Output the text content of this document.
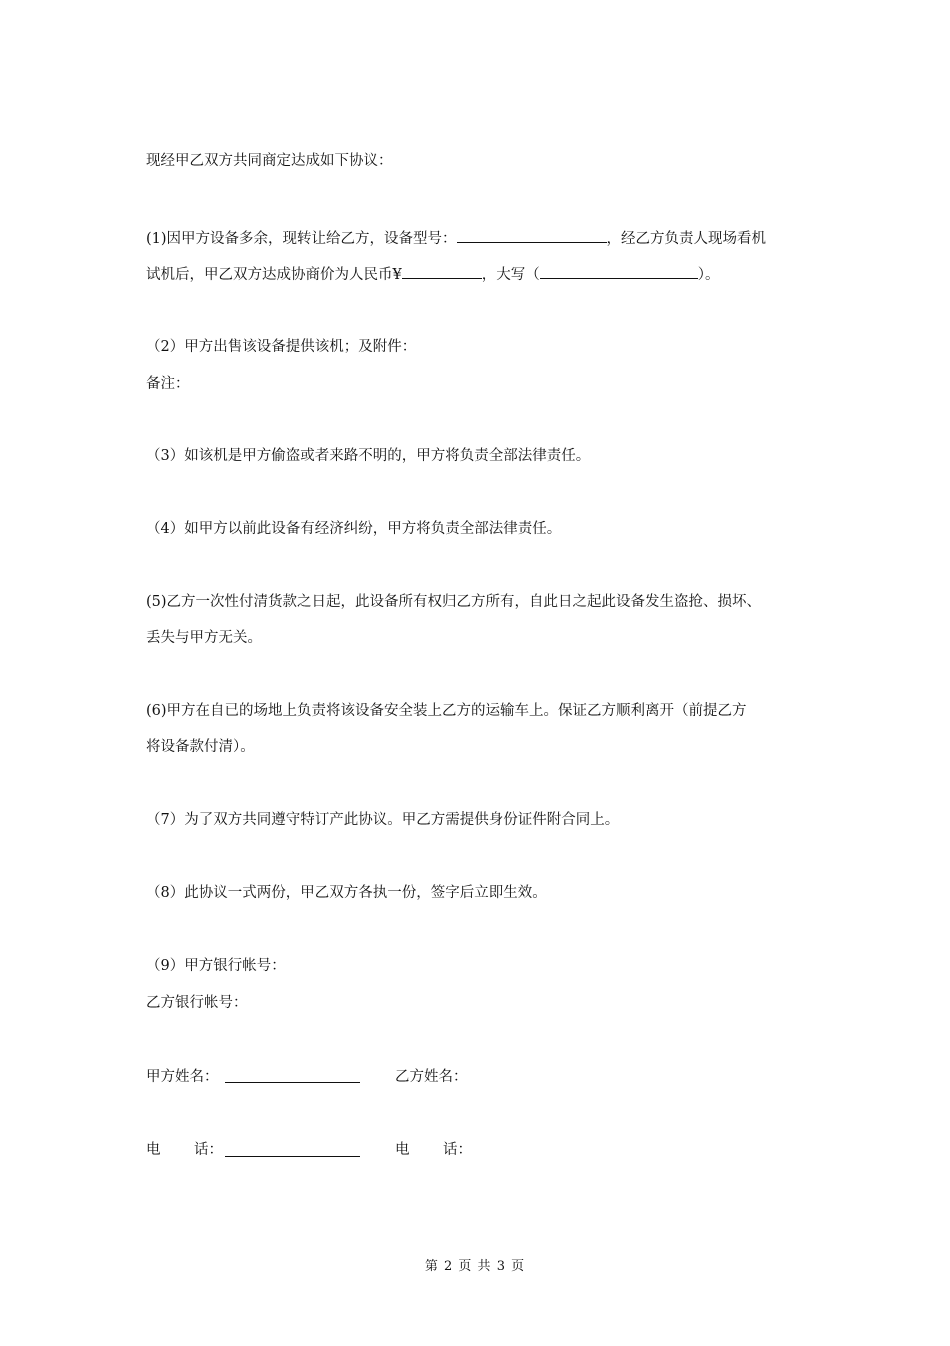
现经甲乙双方共同商定达成如下协议：

(1)因甲方设备多余，现转让给乙方，设备型号：	，经乙方负责人现场看机

试机后，甲乙双方达成协商价为人民币¥	，大写（	）。

（2）甲方出售该设备提供该机；及附件：

备注：

（3）如该机是甲方偷盗或者来路不明的，甲方将负责全部法律责任。

（4）如甲方以前此设备有经济纠纷，甲方将负责全部法律责任。

(5)乙方一次性付清货款之日起，此设备所有权归乙方所有，自此日之起此设备发生盗抢、损坏、

丢失与甲方无关。

(6)甲方在自已的场地上负责将该设备安全装上乙方的运输车上。保证乙方顺利离开（前提乙方

将设备款付清）。

（7）为了双方共同遵守特订产此协议。甲乙方需提供身份证件附合同上。

（8）此协议一式两份，甲乙双方各执一份，签字后立即生效。

（9）甲方银行帐号：

乙方银行帐号：

甲方姓名：	乙方姓名：
电 话：	电 话：
第 2 页 共 3 页
